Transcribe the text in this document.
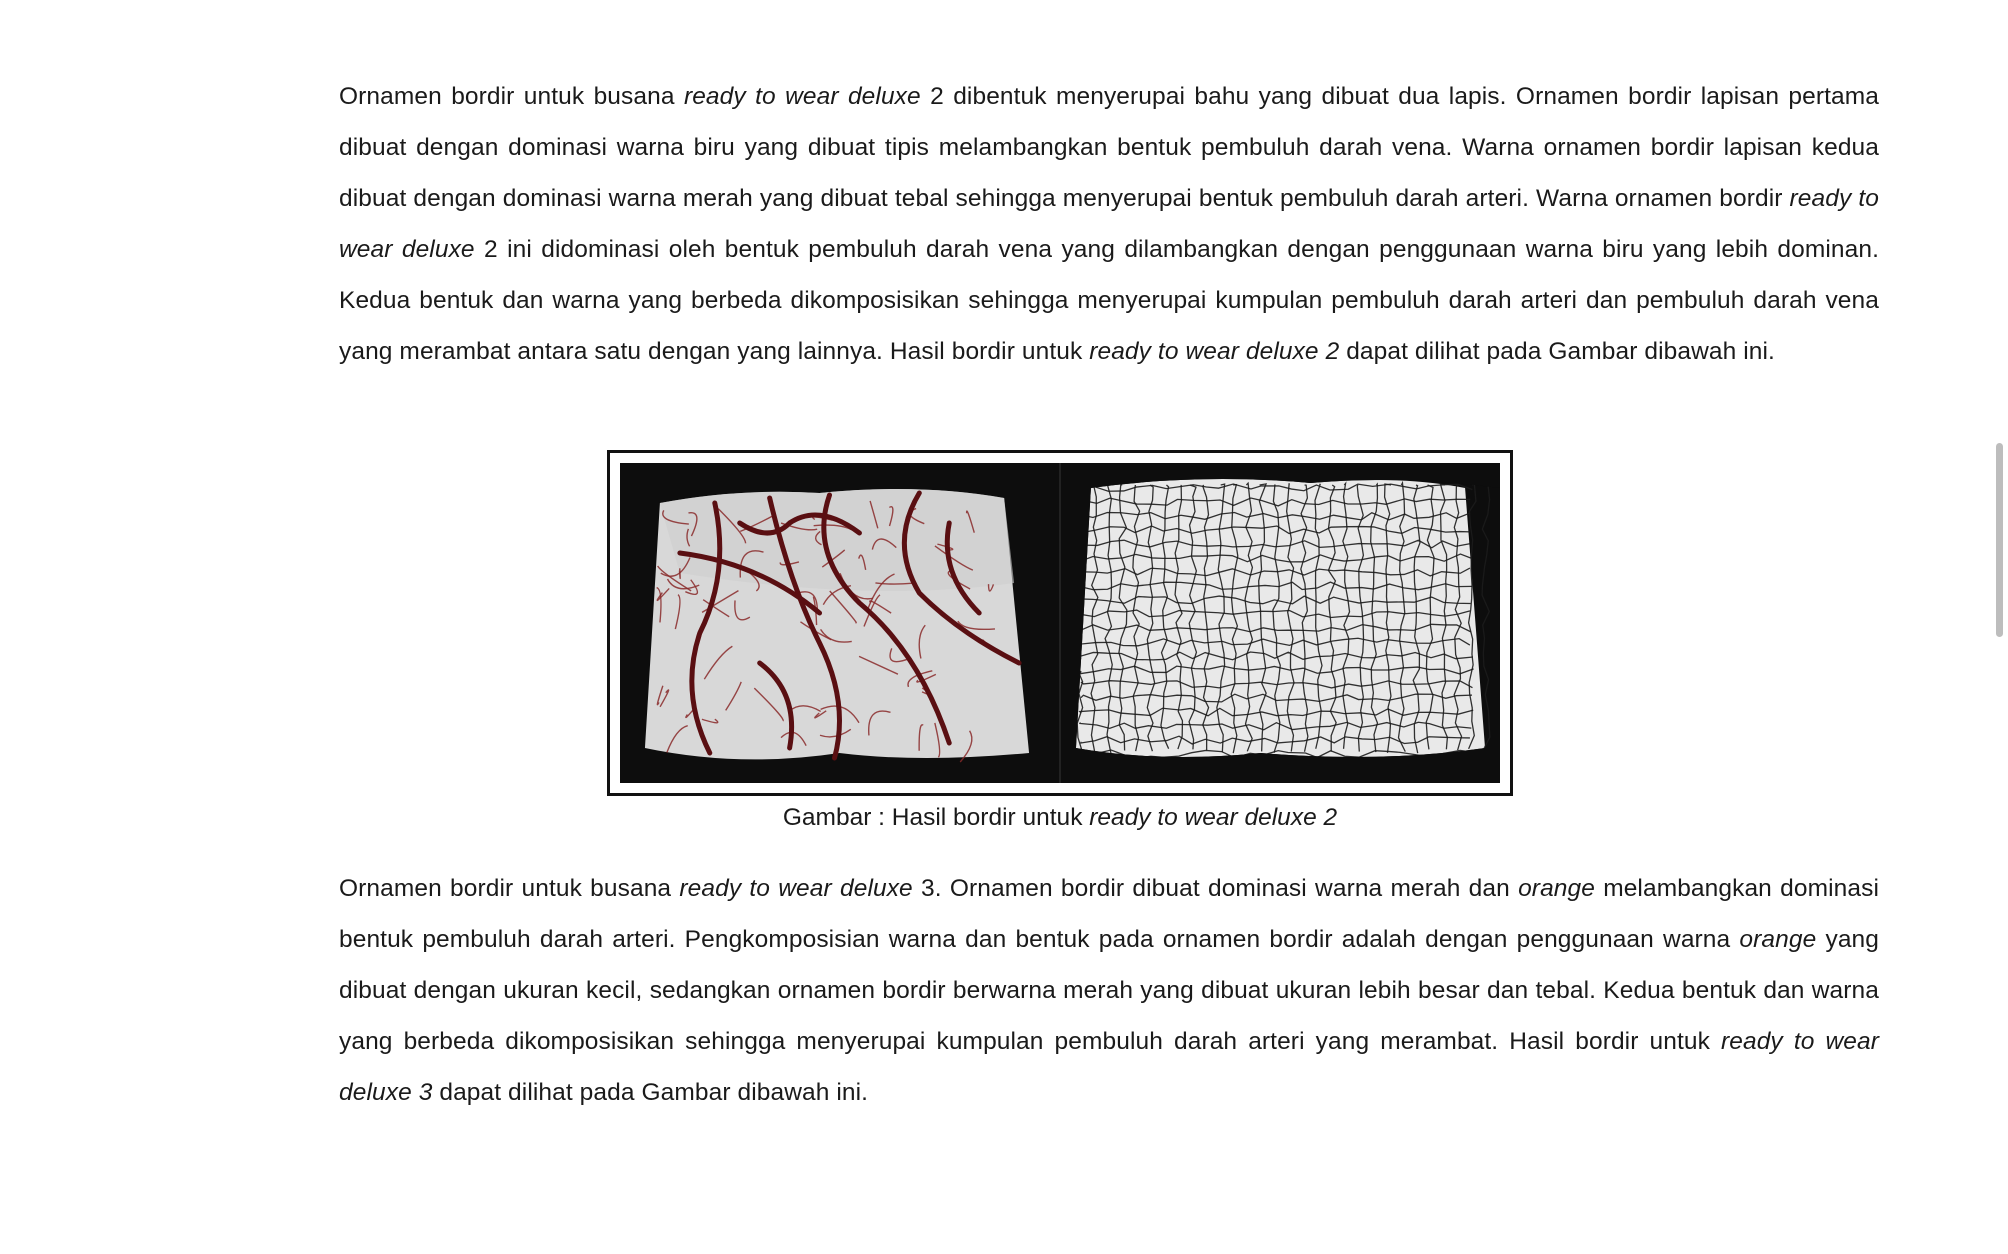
Ornamen bordir untuk busana ready to wear deluxe 2 dibentuk menyerupai bahu yang dibuat dua lapis. Ornamen bordir lapisan pertama dibuat dengan dominasi warna biru yang dibuat tipis melambangkan bentuk pembuluh darah vena. Warna ornamen bordir lapisan kedua dibuat dengan dominasi warna merah yang dibuat tebal sehingga menyerupai bentuk pembuluh darah arteri. Warna ornamen bordir ready to wear deluxe 2 ini didominasi oleh bentuk pembuluh darah vena yang dilambangkan dengan penggunaan warna biru yang lebih dominan. Kedua bentuk dan warna yang berbeda dikomposisikan sehingga menyerupai kumpulan pembuluh darah arteri dan pembuluh darah vena yang merambat antara satu dengan yang lainnya. Hasil bordir untuk ready to wear deluxe 2 dapat dilihat pada Gambar dibawah ini.

Gambar : Hasil bordir untuk ready to wear deluxe 2

Ornamen bordir untuk busana ready to wear deluxe 3. Ornamen bordir dibuat dominasi warna merah dan orange melambangkan dominasi bentuk pembuluh darah arteri. Pengkomposisian warna dan bentuk pada ornamen bordir adalah dengan penggunaan warna orange yang dibuat dengan ukuran kecil, sedangkan ornamen bordir berwarna merah yang dibuat ukuran lebih besar dan tebal. Kedua bentuk dan warna yang berbeda dikomposisikan sehingga menyerupai kumpulan pembuluh darah arteri yang merambat. Hasil bordir untuk ready to wear deluxe 3 dapat dilihat pada Gambar dibawah ini.
